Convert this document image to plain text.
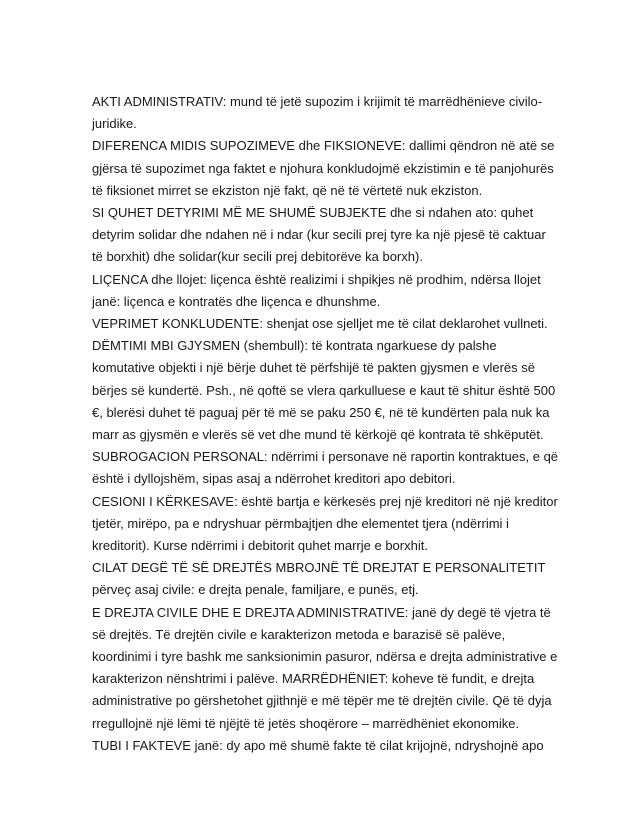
AKTI ADMINISTRATIV: mund të jetë supozim i krijimit të marrëdhënieve civilo-
juridike.
DIFERENCA MIDIS SUPOZIMEVE dhe FIKSIONEVE: dallimi qëndron në atë se
gjërsa të supozimet nga faktet e njohura konkludojmë ekzistimin e të panjohurës
të fiksionet mirret se ekziston një fakt, që në të vërtetë nuk ekziston.
SI QUHET DETYRIMI MË ME SHUMË SUBJEKTE dhe si ndahen ato: quhet
detyrim solidar dhe ndahen në i ndar (kur secili prej tyre ka një pjesë të caktuar
të borxhit) dhe solidar(kur secili prej debitorëve ka borxh).
LIÇENCA dhe llojet: liçenca është realizimi i shpikjes në prodhim, ndërsa llojet
janë: liçenca e kontratës dhe liçenca e dhunshme.
VEPRIMET KONKLUDENTE: shenjat ose sjelljet me të cilat deklarohet vullneti.
DËMTIMI MBI GJYSMEN (shembull): të kontrata ngarkuese dy palshe
komutative objekti i një bërje duhet të përfshijë të pakten gjysmen e vlerës së
bërjes së kundertë. Psh., në qoftë se vlera qarkulluese e kaut të shitur është 500
€, blerësi duhet të paguaj për të më se paku 250 €, në të kundërten pala nuk ka
marr as gjysmën e vlerës së vet dhe mund të kërkojë që kontrata të shkëputët.
SUBROGACION PERSONAL: ndërrimi i personave në raportin kontraktues, e që
është i dyllojshëm, sipas asaj a ndërrohet kreditori apo debitori.
CESIONI I KËRKESAVE: është bartja e kërkesës prej një kreditori në një kreditor
tjetër, mirëpo, pa e ndryshuar përmbajtjen dhe elementet tjera (ndërrimi i
kreditorit). Kurse ndërrimi i debitorit quhet marrje e borxhit.
CILAT DEGË TË SË DREJTËS MBROJNË TË DREJTAT E PERSONALITETIT
përveç asaj civile: e drejta penale, familjare, e punës, etj.
E DREJTA CIVILE DHE E DREJTA ADMINISTRATIVE: janë dy degë të vjetra të
së drejtës. Të drejtën civile e karakterizon metoda e barazisë së palëve,
koordinimi i tyre bashk me sanksionimin pasuror, ndërsa e drejta administrative e
karakterizon nënshtrimi i palëve. MARRËDHËNIET: koheve të fundit, e drejta
administrative po gërshetohet gjithnjë e më tëpër me të drejtën civile. Që të dyja
rregullojnë një lëmi të njëjtë të jetës shoqërore – marrëdhëniet ekonomike.
TUBI I FAKTEVE janë: dy apo më shumë fakte të cilat krijojnë, ndryshojnë apo
